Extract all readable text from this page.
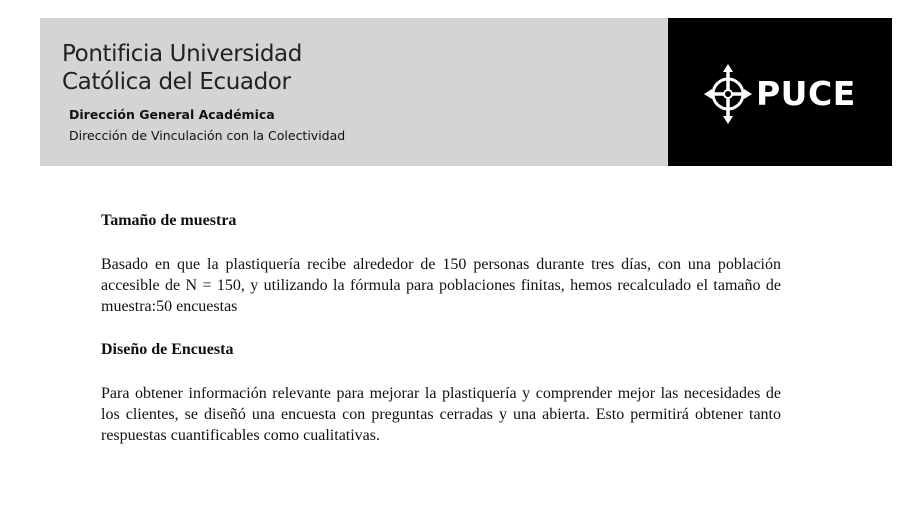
Pontificia Universidad
Católica del Ecuador
Dirección General Académica
Dirección de Vinculación con la Colectividad
PUCE
Tamaño de muestra

Basado en que la plastiquería recibe alrededor de 150 personas durante tres días, con una población accesible de N = 150, y utilizando la fórmula para poblaciones finitas, hemos recalculado el tamaño de muestra:50 encuestas

Diseño de Encuesta

Para obtener información relevante para mejorar la plastiquería y comprender mejor las necesidades de los clientes, se diseñó una encuesta con preguntas cerradas y una abierta. Esto permitirá obtener tanto respuestas cuantificables como cualitativas.
